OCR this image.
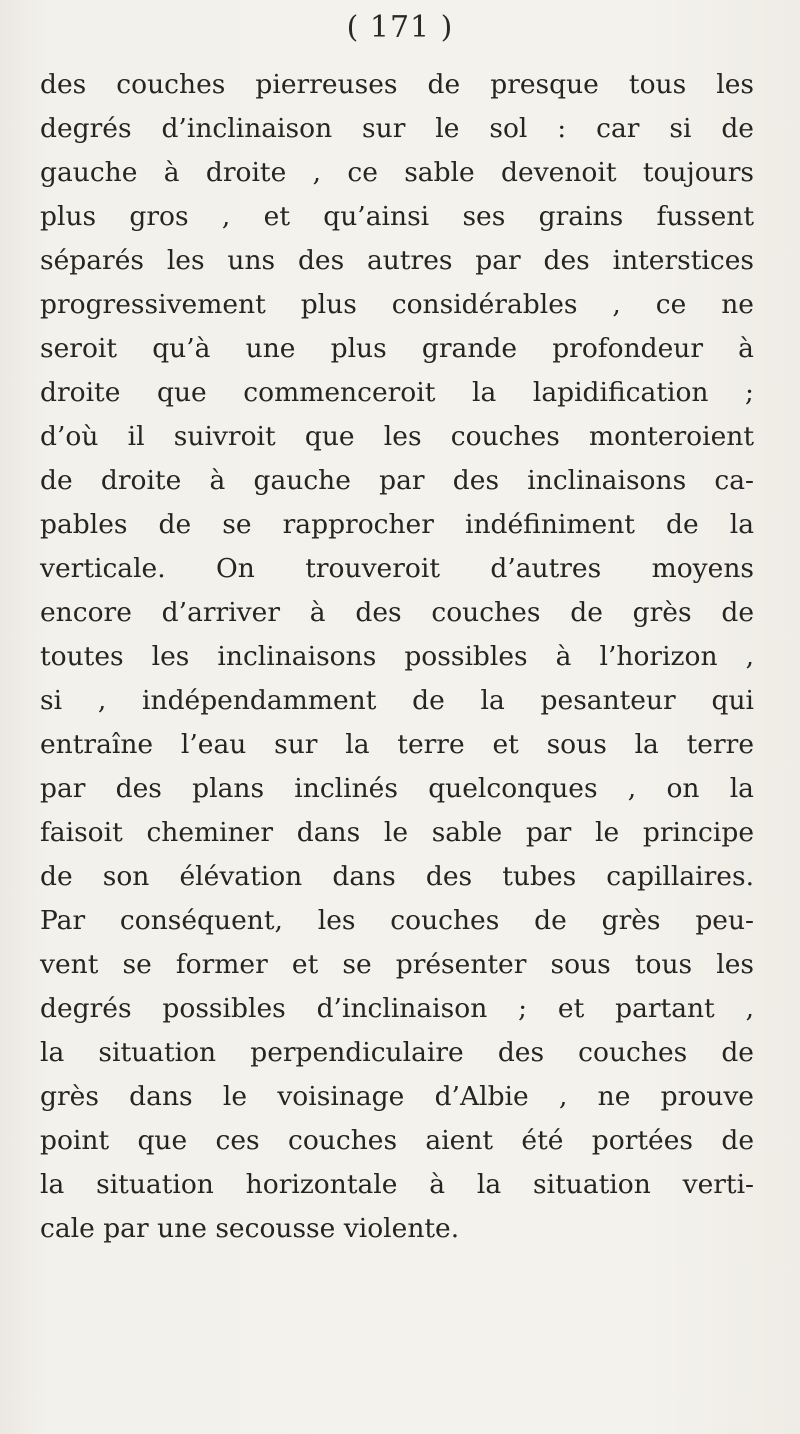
( 171 )
des couches pierreuses de presque tous les
degrés d’inclinaison sur le sol : car si de
gauche à droite , ce sable devenoit toujours
plus gros , et qu’ainsi ses grains fussent
séparés les uns des autres par des interstices
progressivement plus considérables , ce ne
seroit qu’à une plus grande profondeur à
droite que commenceroit la lapidification ;
d’où il suivroit que les couches monteroient
de droite à gauche par des inclinaisons ca-
pables de se rapprocher indéfiniment de la
verticale. On trouveroit d’autres moyens
encore d’arriver à des couches de grès de
toutes les inclinaisons possibles à l’horizon ,
si , indépendamment de la pesanteur qui
entraîne l’eau sur la terre et sous la terre
par des plans inclinés quelconques , on la
faisoit cheminer dans le sable par le principe
de son élévation dans des tubes capillaires.
Par conséquent, les couches de grès peu-
vent se former et se présenter sous tous les
degrés possibles d’inclinaison ; et partant ,
la situation perpendiculaire des couches de
grès dans le voisinage d’Albie , ne prouve
point que ces couches aient été portées de
la situation horizontale à la situation verti-
cale par une secousse violente.
